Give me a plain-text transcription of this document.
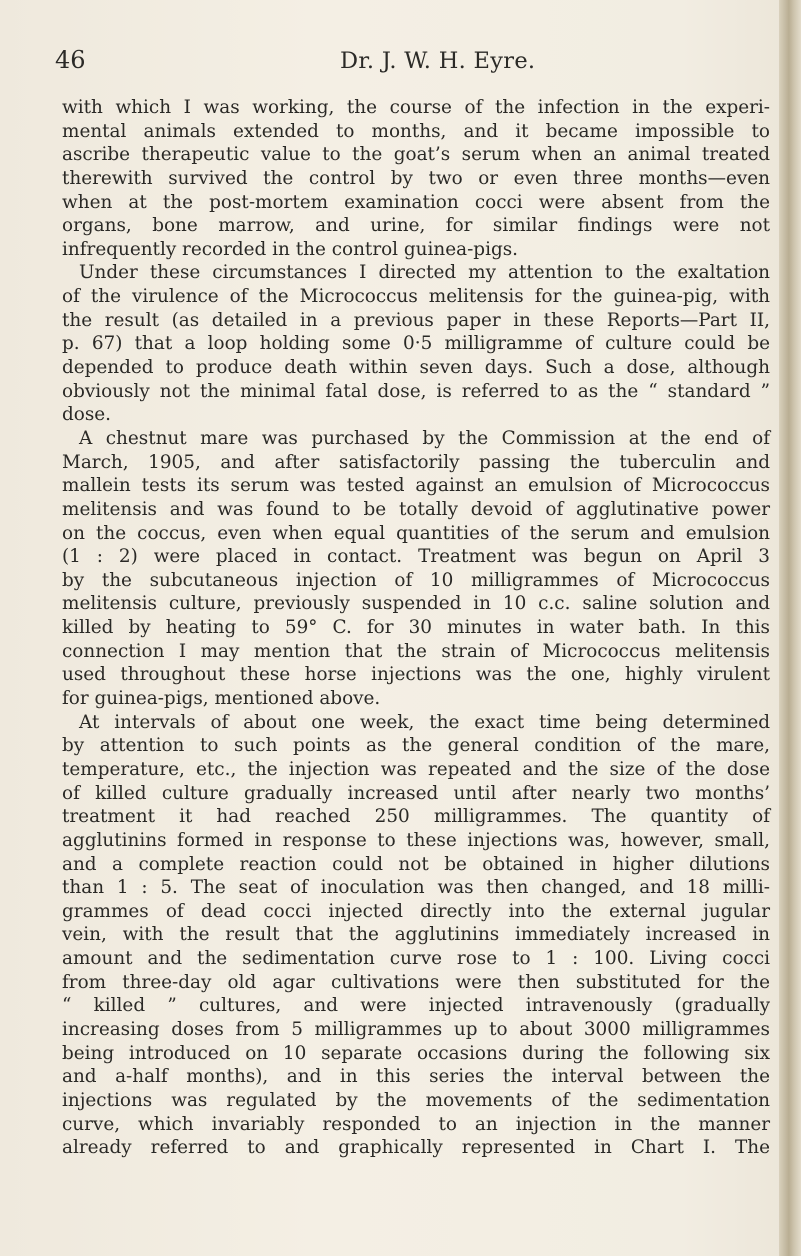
46	Dr. J. W. H. Eyre.
with which I was working, the course of the infection in the experi-
mental animals extended to months, and it became impossible to
ascribe therapeutic value to the goat’s serum when an animal treated
therewith survived the control by two or even three months—even
when at the post-mortem examination cocci were absent from the
organs, bone marrow, and urine, for similar findings were not
infrequently recorded in the control guinea-pigs.
Under these circumstances I directed my attention to the exaltation
of the virulence of the Micrococcus melitensis for the guinea-pig, with
the result (as detailed in a previous paper in these Reports—Part II,
p. 67) that a loop holding some 0·5 milligramme of culture could be
depended to produce death within seven days. Such a dose, although
obviously not the minimal fatal dose, is referred to as the “ standard ”
dose.
A chestnut mare was purchased by the Commission at the end of
March, 1905, and after satisfactorily passing the tuberculin and
mallein tests its serum was tested against an emulsion of Micrococcus
melitensis and was found to be totally devoid of agglutinative power
on the coccus, even when equal quantities of the serum and emulsion
(1 : 2) were placed in contact. Treatment was begun on April 3
by the subcutaneous injection of 10 milligrammes of Micrococcus
melitensis culture, previously suspended in 10 c.c. saline solution and
killed by heating to 59° C. for 30 minutes in water bath. In this
connection I may mention that the strain of Micrococcus melitensis
used throughout these horse injections was the one, highly virulent
for guinea-pigs, mentioned above.
At intervals of about one week, the exact time being determined
by attention to such points as the general condition of the mare,
temperature, etc., the injection was repeated and the size of the dose
of killed culture gradually increased until after nearly two months’
treatment it had reached 250 milligrammes. The quantity of
agglutinins formed in response to these injections was, however, small,
and a complete reaction could not be obtained in higher dilutions
than 1 : 5. The seat of inoculation was then changed, and 18 milli-
grammes of dead cocci injected directly into the external jugular
vein, with the result that the agglutinins immediately increased in
amount and the sedimentation curve rose to 1 : 100. Living cocci
from three-day old agar cultivations were then substituted for the
“ killed ” cultures, and were injected intravenously (gradually
increasing doses from 5 milligrammes up to about 3000 milligrammes
being introduced on 10 separate occasions during the following six
and a-half months), and in this series the interval between the
injections was regulated by the movements of the sedimentation
curve, which invariably responded to an injection in the manner
already referred to and graphically represented in Chart I. The
